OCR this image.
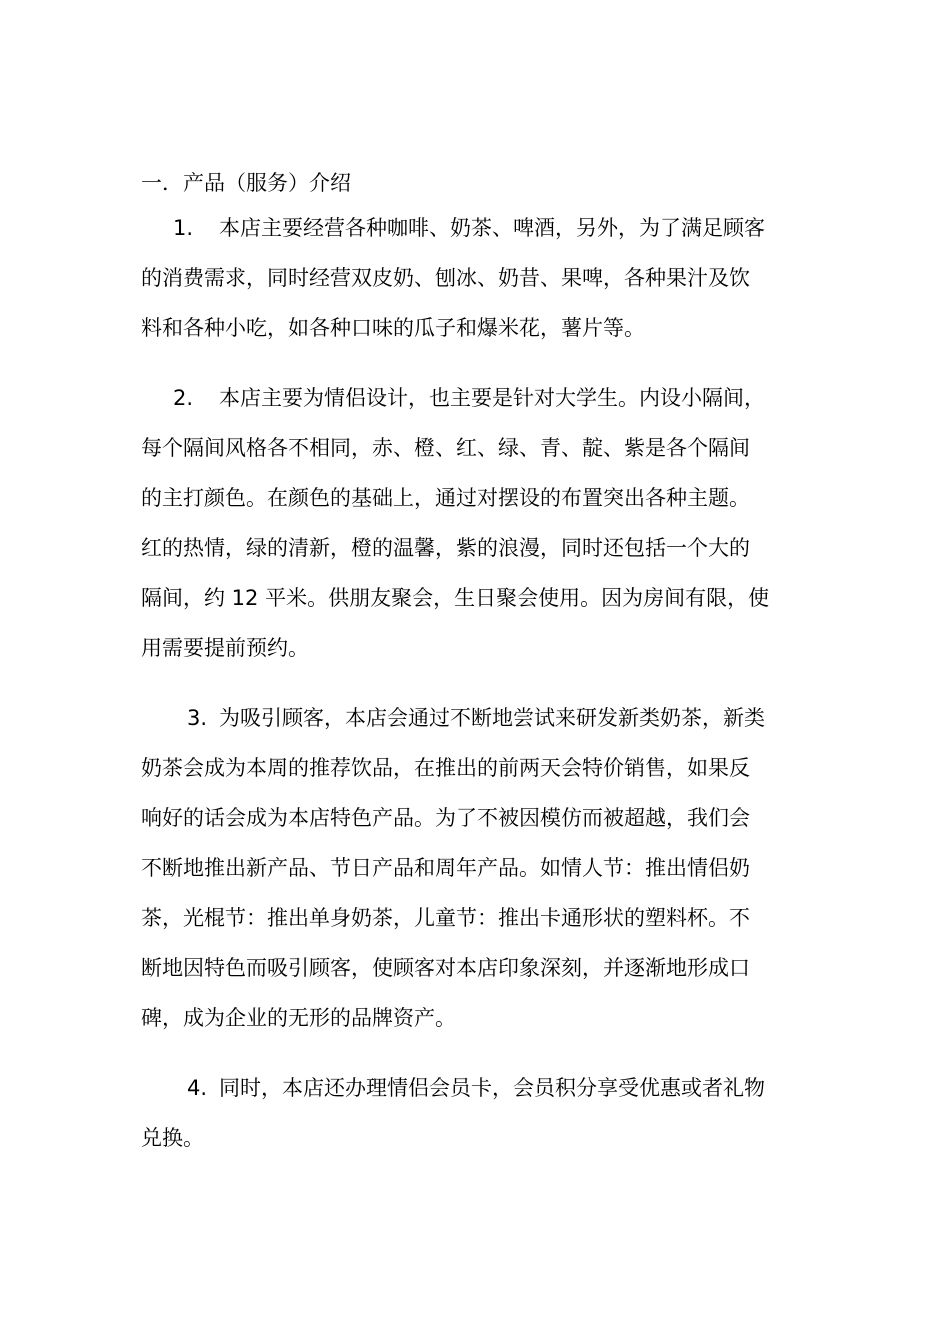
一．产品（服务）介绍
1. 本店主要经营各种咖啡、奶茶、啤酒，另外，为了满足顾客
的消费需求，同时经营双皮奶、刨冰、奶昔、果啤，各种果汁及饮
料和各种小吃，如各种口味的瓜子和爆米花，薯片等。
2. 本店主要为情侣设计，也主要是针对大学生。内设小隔间，
每个隔间风格各不相同，赤、橙、红、绿、青、靛、紫是各个隔间
的主打颜色。在颜色的基础上，通过对摆设的布置突出各种主题。
红的热情，绿的清新，橙的温馨，紫的浪漫，同时还包括一个大的
隔间，约 12 平米。供朋友聚会，生日聚会使用。因为房间有限，使
用需要提前预约。
3. 为吸引顾客，本店会通过不断地尝试来研发新类奶茶，新类
奶茶会成为本周的推荐饮品，在推出的前两天会特价销售，如果反
响好的话会成为本店特色产品。为了不被因模仿而被超越，我们会
不断地推出新产品、节日产品和周年产品。如情人节：推出情侣奶
茶，光棍节：推出单身奶茶，儿童节：推出卡通形状的塑料杯。不
断地因特色而吸引顾客，使顾客对本店印象深刻，并逐渐地形成口
碑，成为企业的无形的品牌资产。
4. 同时，本店还办理情侣会员卡，会员积分享受优惠或者礼物
兑换。
